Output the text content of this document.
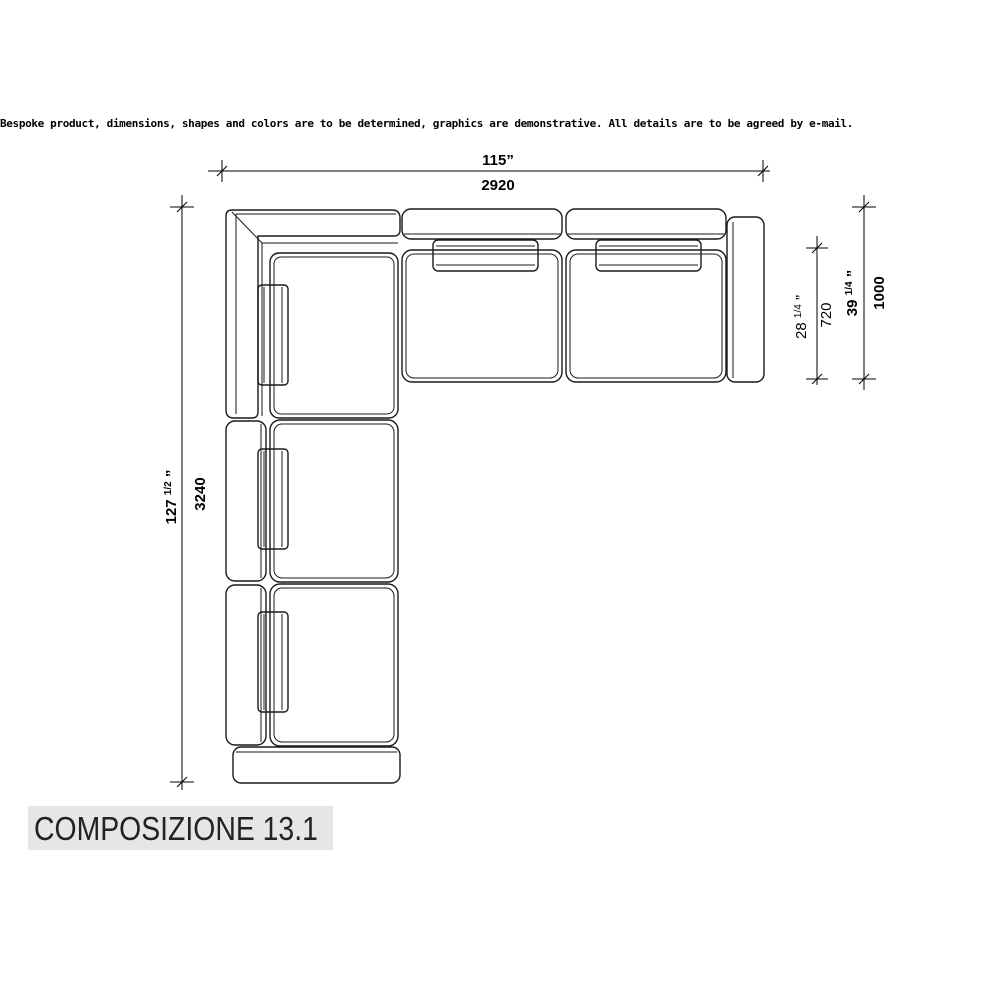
Bespoke product, dimensions, shapes and colors are to be determined, graphics are demonstrative. All details are to be agreed by e-mail.
115”
2920
127 $^{1/2}$ ”
3240
28 $^{1/4}$ ”
720 39 $^{1/4}$ ”
1000
COMPOSIZIONE 13.1
